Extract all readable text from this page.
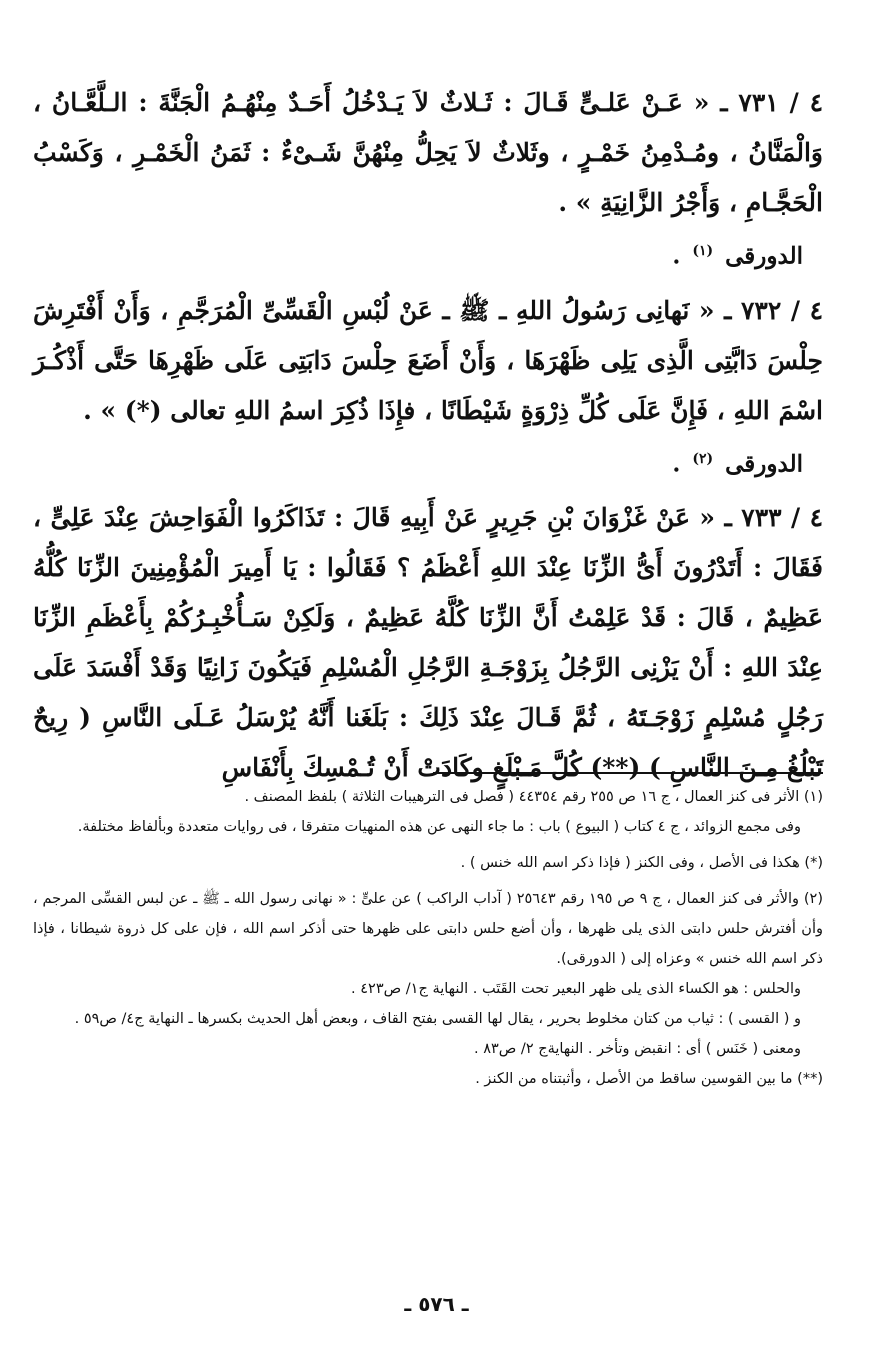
٤ / ٧٣١ ـ « عَـنْ عَلـىٍّ قَـالَ : ثَـلاثٌ لاَ يَـدْخُلُ أَحَـدٌ مِنْهُـمُ الْجَنَّةَ : الـلَّعَّـانُ ، وَالْمَنَّانُ ، ومُـدْمِنُ خَمْـرٍ ، وثَلاثٌ لاَ يَحِلُّ مِنْهُنَّ شَـىْءٌ : ثَمَنُ الْخَمْـرِ ، وَكَسْبُ الْحَجَّـامِ ، وَأَجْرُ الزَّانِيَةِ » .

الدورقى $^{(١)}$ .

٤ / ٧٣٢ ـ « نَهانِى رَسُولُ اللهِ ـ ﷺ ـ عَنْ لُبْسِ الْقَسِّىِّ الْمُرَجَّمِ ، وَأَنْ أَفْتَرِشَ حِلْسَ دَابَّتِى الَّذِى يَلِى ظَهْرَهَا ، وَأَنْ أَضَعَ حِلْسَ دَابَتِى عَلَى ظَهْرِهَا حَتَّى أَذْكُـرَ اسْمَ اللهِ ، فَإِنَّ عَلَى كُلِّ ذِرْوَةٍ شَيْطَانًا ، فإِذَا ذُكِرَ اسمُ اللهِ تعالى (*) » .

الدورقى $^{(٢)}$ .

٤ / ٧٣٣ ـ « عَنْ غَزْوَانَ بْنِ جَرِيرٍ عَنْ أَبِيهِ قَالَ : تَذَاكَرُوا الْفَوَاحِشَ عِنْدَ عَلِىٍّ ، فَقَالَ : أَتَدْرُونَ أَىُّ الزِّنَا عِنْدَ اللهِ أَعْظَمُ ؟ فَقَالُوا : يَا أَمِيرَ الْمُؤْمِنِينَ الزِّنَا كُلُّهُ عَظِيمٌ ، قَالَ : قَدْ عَلِمْتُ أَنَّ الزِّنَا كُلَّهُ عَظِيمٌ ، وَلَكِنْ سَـأُخْبِـرُكُمْ بِأَعْظَمِ الزِّنَا عِنْدَ اللهِ : أَنْ يَزْنِى الرَّجُلُ بِزَوْجَـةِ الرَّجُلِ الْمُسْلِمِ فَيَكُونَ زَانِيًا وَقَدْ أَفْسَدَ عَلَى رَجُلٍ مُسْلِمٍ زَوْجَـتَهُ ، ثُمَّ قَـالَ عِنْدَ ذَلِكَ : بَلَغَنا أَنَّهُ يُرْسَلُ عَـلَى النَّاسِ ( رِيحٌ تَبْلُغُ مِـنَ النَّاسِ ) (**) كُلَّ مَـبْلَغٍ وكَادَتْ أَنْ تُـمْسِكَ بِأَنْفَاسِ

(١) الأثر فى كنز العمال ، ج ١٦ ص ٢٥٥ رقم ٤٤٣٥٤ ( فصل فى الترهيبات الثلاثة ) بلفظ المصنف .

وفى مجمع الزوائد ، ج ٤ كتاب ( البيوع ) باب : ما جاء النهى عن هذه المنهيات متفرقا ، فى روايات متعددة وبألفاظ مختلفة.

(*) هكذا فى الأصل ، وفى الكنز ( فإذا ذكر اسم الله خنس ) .

(٢) والأثر فى كنز العمال ، ج ٩ ص ١٩٥ رقم ٢٥٦٤٣ ( آداب الراكب ) عن علىٍّ : « نهانى رسول الله ـ ﷺ ـ عن لبس القسِّى المرجم ، وأن أفترش حلس دابتى الذى يلى ظهرها ، وأن أضع حلس دابتى على ظهرها حتى أذكر اسم الله ، فإن على كل ذروة شيطانا ، فإذا ذكر اسم الله خنس » وعزاه إلى ( الدورقى).

والحلس : هو الكساء الذى يلى ظهر البعير تحت القَتَب . النهاية ج١/ ص٤٢٣ .

و ( القسى ) : ثياب من كتان مخلوط بحرير ، يقال لها القسى بفتح القاف ، وبعض أهل الحديث بكسرها ـ النهاية ج٤/ ص٥٩ .

ومعنى ( خَنَس ) أى : انقبض وتأخر . النهايةج ٢/ ص٨٣ .

(**) ما بين القوسين ساقط من الأصل ، وأثبتناه من الكنز .

ـ ٥٧٦ ـ
